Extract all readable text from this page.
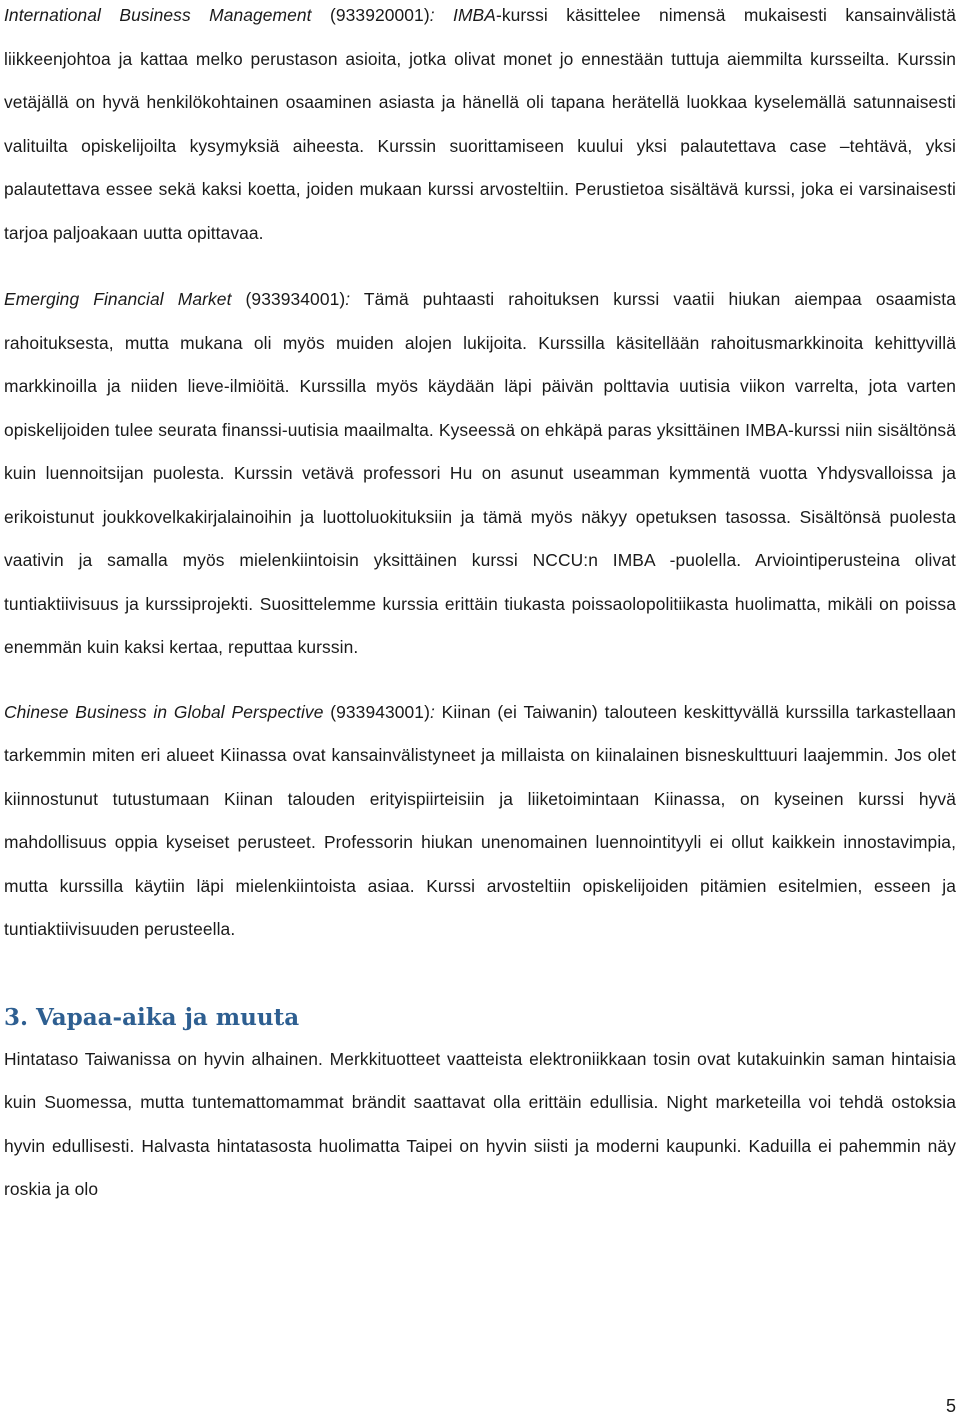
International Business Management (933920001): IMBA-kurssi käsittelee nimensä mukaisesti kansainvälistä liikkeenjohtoa ja kattaa melko perustason asioita, jotka olivat monet jo ennestään tuttuja aiemmilta kursseilta. Kurssin vetäjällä on hyvä henkilökohtainen osaaminen asiasta ja hänellä oli tapana herätellä luokkaa kyselemällä satunnaisesti valituilta opiskelijoilta kysymyksiä aiheesta. Kurssin suorittamiseen kuului yksi palautettava case –tehtävä, yksi palautettava essee sekä kaksi koetta, joiden mukaan kurssi arvosteltiin. Perustietoa sisältävä kurssi, joka ei varsinaisesti tarjoa paljoakaan uutta opittavaa.

Emerging Financial Market (933934001): Tämä puhtaasti rahoituksen kurssi vaatii hiukan aiempaa osaamista rahoituksesta, mutta mukana oli myös muiden alojen lukijoita. Kurssilla käsitellään rahoitusmarkkinoita kehittyvillä markkinoilla ja niiden lieve-ilmiöitä. Kurssilla myös käydään läpi päivän polttavia uutisia viikon varrelta, jota varten opiskelijoiden tulee seurata finanssi-uutisia maailmalta. Kyseessä on ehkäpä paras yksittäinen IMBA-kurssi niin sisältönsä kuin luennoitsijan puolesta. Kurssin vetävä professori Hu on asunut useamman kymmentä vuotta Yhdysvalloissa ja erikoistunut joukkovelkakirjalainoihin ja luottoluokituksiin ja tämä myös näkyy opetuksen tasossa. Sisältönsä puolesta vaativin ja samalla myös mielenkiintoisin yksittäinen kurssi NCCU:n IMBA -puolella. Arviointiperusteina olivat tuntiaktiivisuus ja kurssiprojekti. Suosittelemme kurssia erittäin tiukasta poissaolopolitiikasta huolimatta, mikäli on poissa enemmän kuin kaksi kertaa, reputtaa kurssin.

Chinese Business in Global Perspective (933943001): Kiinan (ei Taiwanin) talouteen keskittyvällä kurssilla tarkastellaan tarkemmin miten eri alueet Kiinassa ovat kansainvälistyneet ja millaista on kiinalainen bisneskulttuuri laajemmin. Jos olet kiinnostunut tutustumaan Kiinan talouden erityispiirteisiin ja liiketoimintaan Kiinassa, on kyseinen kurssi hyvä mahdollisuus oppia kyseiset perusteet. Professorin hiukan unenomainen luennointityyli ei ollut kaikkein innostavimpia, mutta kurssilla käytiin läpi mielenkiintoista asiaa. Kurssi arvosteltiin opiskelijoiden pitämien esitelmien, esseen ja tuntiaktiivisuuden perusteella.

3. Vapaa-aika ja muuta

Hintataso Taiwanissa on hyvin alhainen. Merkkituotteet vaatteista elektroniikkaan tosin ovat kutakuinkin saman hintaisia kuin Suomessa, mutta tuntemattomammat brändit saattavat olla erittäin edullisia. Night marketeilla voi tehdä ostoksia hyvin edullisesti. Halvasta hintatasosta huolimatta Taipei on hyvin siisti ja moderni kaupunki. Kaduilla ei pahemmin näy roskia ja olo

5
